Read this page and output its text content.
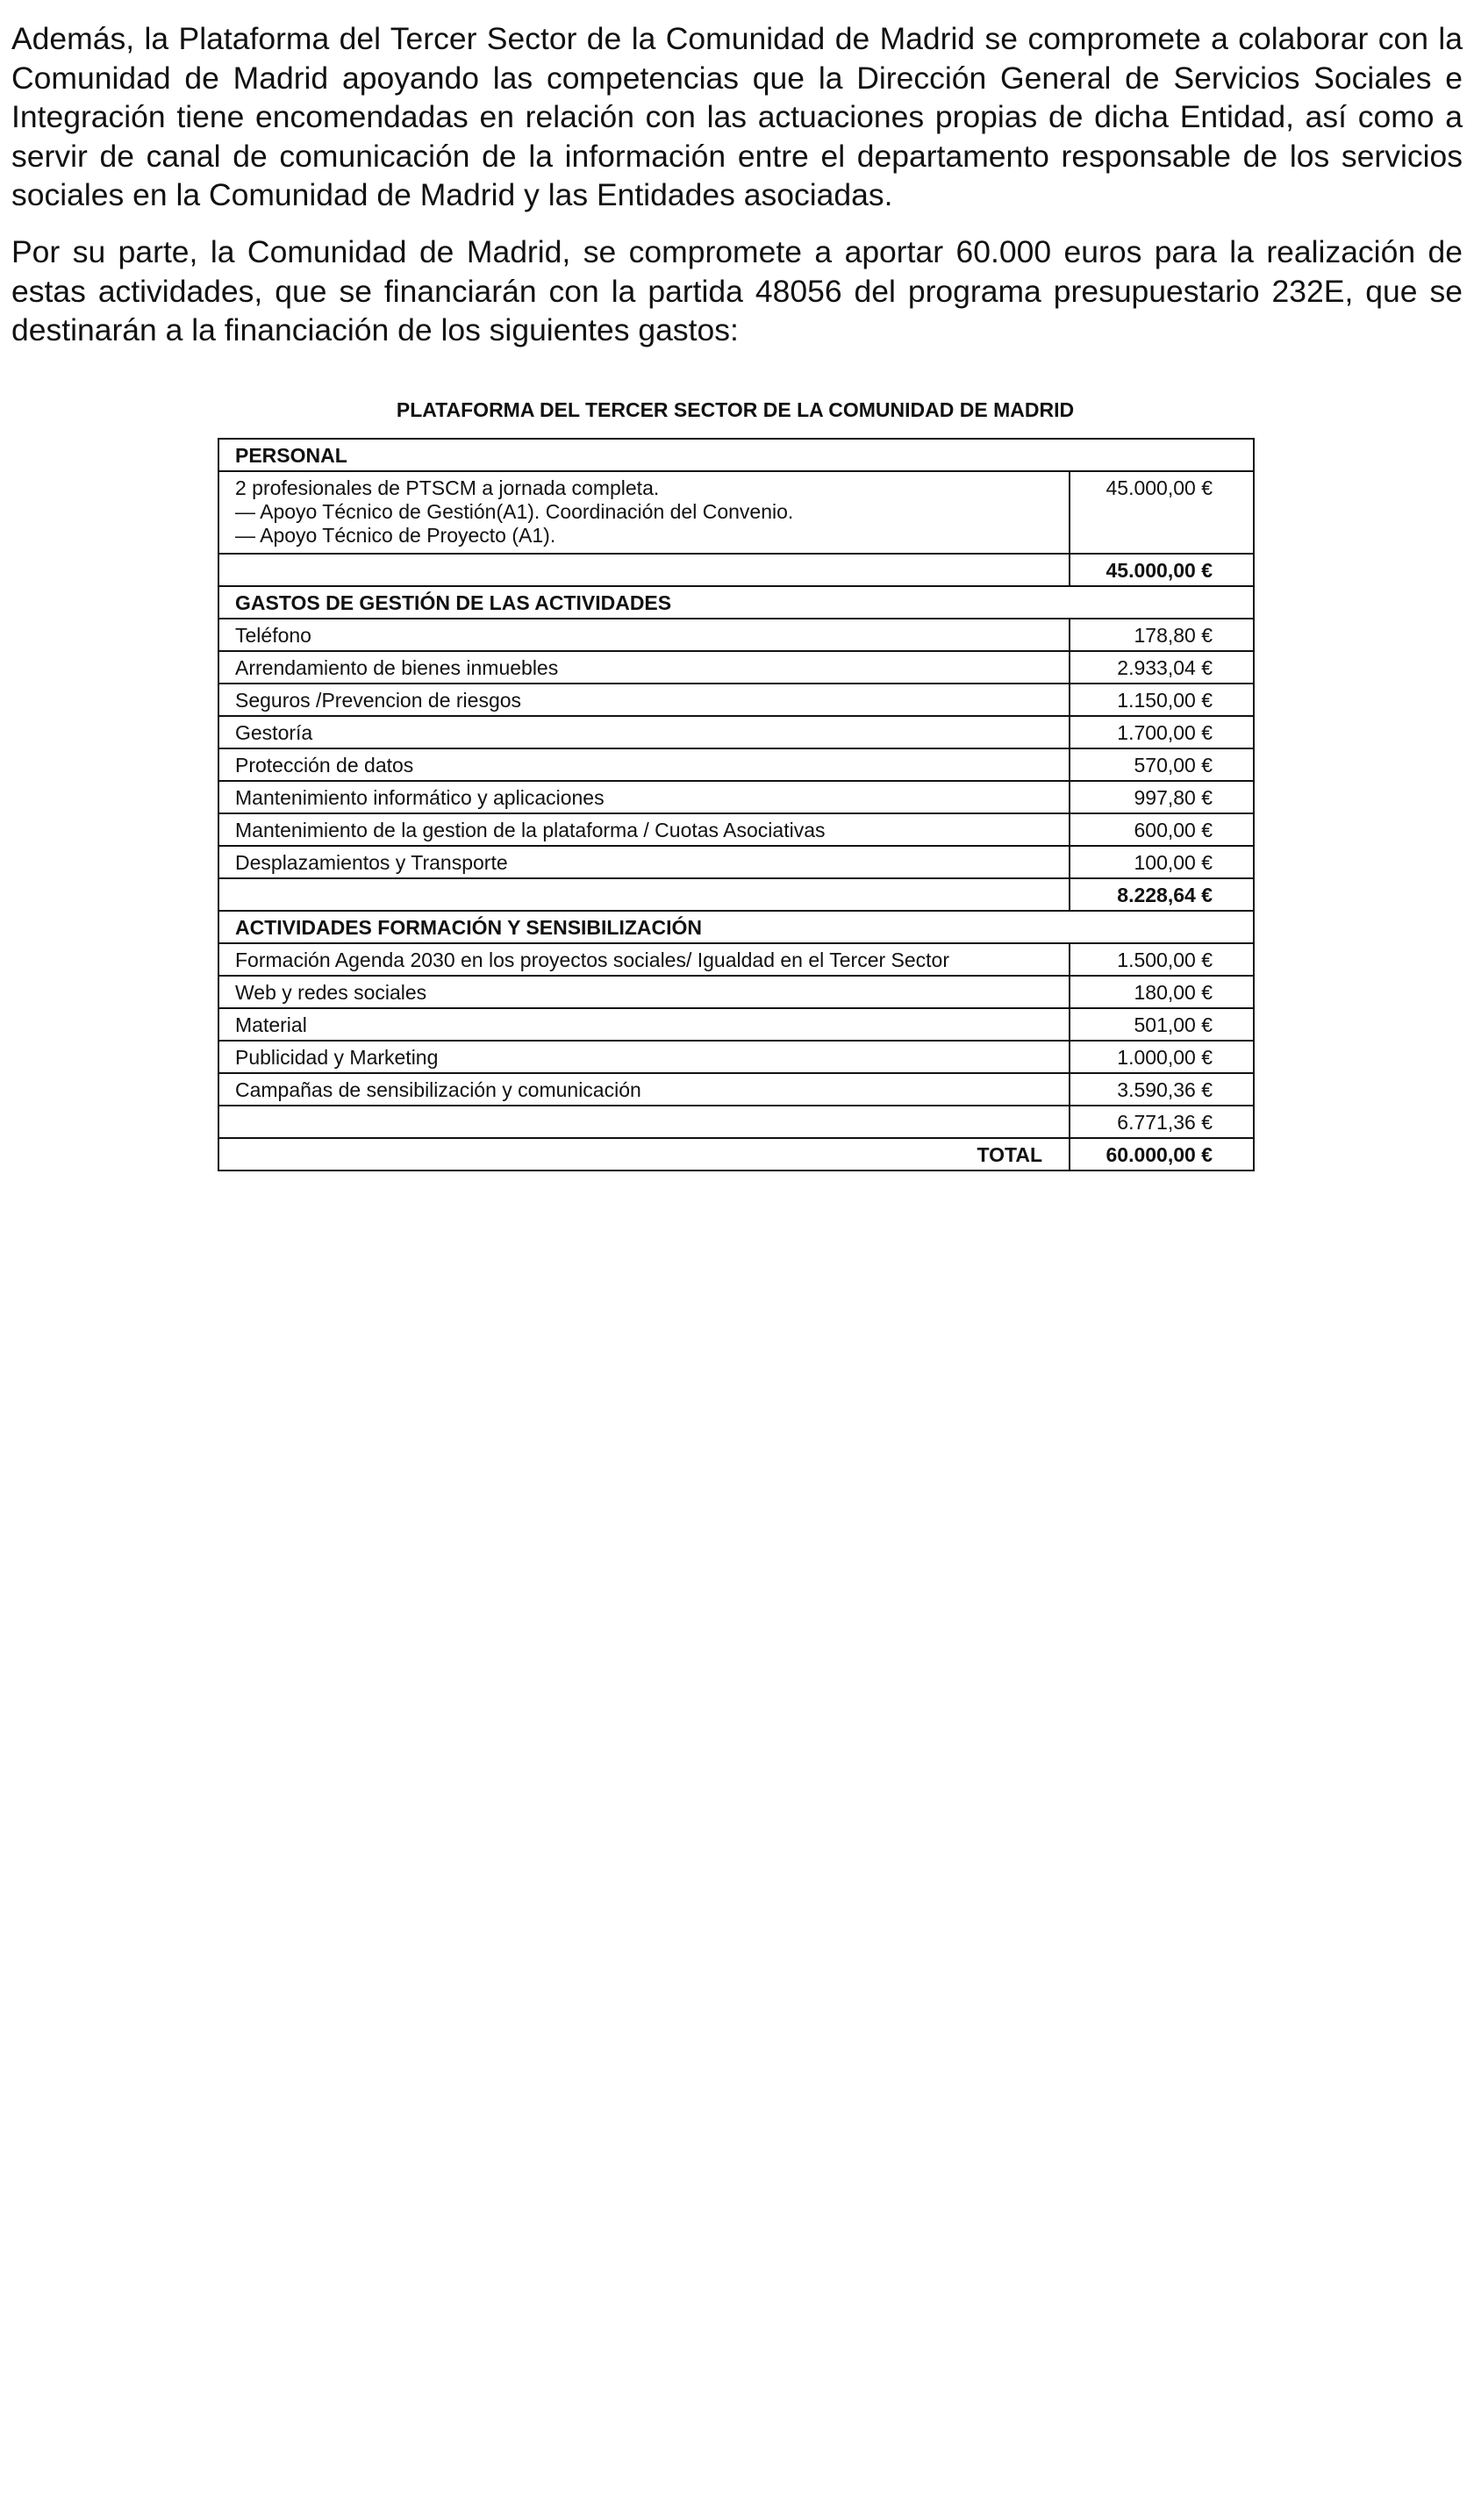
Además, la Plataforma del Tercer Sector de la Comunidad de Madrid se compromete a colaborar con la Comunidad de Madrid apoyando las competencias que la Dirección General de Servicios Sociales e Integración tiene encomendadas en relación con las actuaciones propias de dicha Entidad, así como a servir de canal de comunicación de la información entre el departamento responsable de los servicios sociales en la Comunidad de Madrid y las Entidades asociadas.

Por su parte, la Comunidad de Madrid, se compromete a aportar 60.000 euros para la realización de estas actividades, que se financiarán con la partida 48056 del programa presupuestario 232E, que se destinarán a la financiación de los siguientes gastos:

PLATAFORMA DEL TERCER SECTOR DE LA COMUNIDAD DE MADRID

PERSONAL	

2 profesionales de PTSCM a jornada completa.
— Apoyo Técnico de Gestión(A1). Coordinación del Convenio.
— Apoyo Técnico de Proyecto (A1).	45.000,00 €
	45.000,00 €
GASTOS DE GESTIÓN DE LAS ACTIVIDADES	
Teléfono	178,80 €
Arrendamiento de bienes inmuebles	2.933,04 €
Seguros /Prevencion de riesgos	1.150,00 €
Gestoría	1.700,00 €
Protección de datos	570,00 €
Mantenimiento informático y aplicaciones	997,80 €
Mantenimiento de la gestion de la plataforma / Cuotas Asociativas	600,00 €
Desplazamientos y Transporte	100,00 €
	8.228,64 €
ACTIVIDADES FORMACIÓN Y SENSIBILIZACIÓN	
Formación Agenda 2030 en los proyectos sociales/ Igualdad en el Tercer Sector	1.500,00 €
Web y redes sociales	180,00 €
Material	501,00 €
Publicidad y Marketing	1.000,00 €
Campañas de sensibilización y comunicación	3.590,36 €
	6.771,36 €
TOTAL	60.000,00 €
